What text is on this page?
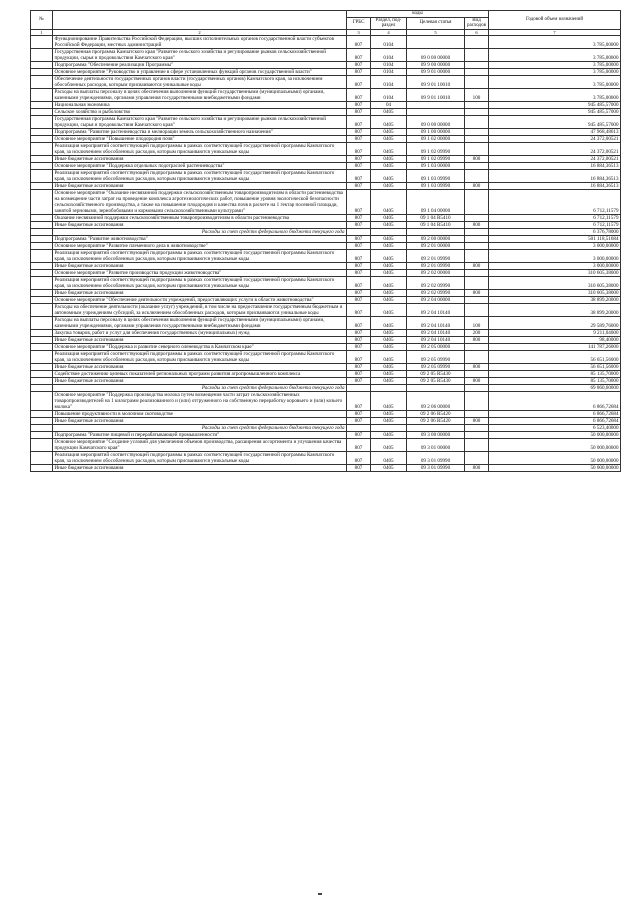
№		коды				Годовой объем назначений
		ГРБС	Раздел, под- раздел	Целевая статья	Вид расходов	
1	2	3	4	5	6	7
	Функционирование Правительства Российской Федерации, высших исполнительных органов государственной власти субъектов Российской Федерации, местных администраций	807	0104			3 785,00000
	Государственная программа Камчатского края "Развитие сельского хозяйства и регулирование рынков сельскохозяйственной продукции, сырья и продовольствия Камчатского края"	807	0104	09 0 00 00000		3 785,00000
	Подпрограмма "Обеспечение реализации Программы"	807	0104	09 9 00 00000		3 785,00000
	Основное мероприятие "Руководство и управление в сфере установленных функций органов государственной власти"	807	0104	09 9 01 00000		3 785,00000
	Обеспечение деятельности государственных органов власти (государственных органов) Камчатского края, за исключением обособленных расходов, которым присваиваются уникальные коды	807	0104	09 9 01 10010		3 785,00000
	Расходы на выплаты персоналу в целях обеспечения выполнения функций государственными (муниципальными) органами, казенными учреждениями, органами управления государственными внебюджетными фондами	807	0104	09 9 01 10010	100	3 785,00000
	Национальная экономика	807	04			945 485,57000
	Сельское хозяйство и рыболовство	807	0405			945 485,57000
	Государственная программа Камчатского края "Развитие сельского хозяйства и регулирование рынков сельскохозяйственной продукции, сырья и продовольствия Камчатского края"	807	0405	09 0 00 00000		945 485,57000
	Подпрограмма "Развитие растениеводства и мелиорации земель сельскохозяйственного назначения"	807	0405	09 1 00 00000		47 968,48613
	Основное мероприятие "Повышение плодородия почв"	807	0405	09 1 02 00000		24 372,00521
	Реализация мероприятий соответствующей подпрограммы в рамках соответствующей государственной программы Камчатского края, за исключением обособленных расходов, которым присваиваются уникальные коды	807	0405	09 1 02 09990		24 372,00521
	Иные бюджетные ассигнования	807	0405	09 1 02 09990	800	24 372,00521
	Основное мероприятие "Поддержка отдельных подотраслей растениеводства"	807	0405	09 1 03 00000		16 884,36513
	Реализация мероприятий соответствующей подпрограммы в рамках соответствующей государственной программы Камчатского края, за исключением обособленных расходов, которым присваиваются уникальные коды	807	0405	09 1 03 09990		16 884,36513
	Иные бюджетные ассигнования	807	0405	09 1 03 09990	800	16 884,36513
	Основное мероприятие "Оказание несвязанной поддержки сельскохозяйственным товаропроизводителям в области растениеводства на возмещение части затрат на проведение комплекса агротехнологических работ, повышение уровня экологической безопасности сельскохозяйственного производства, а также на повышение плодородия и качества почв в расчете на 1 гектар посевной площади, занятой зерновыми, зернобобовыми и кормовыми сельскохозяйственными культурами"	807	0405	09 1 04 00000		6 712,11579
	Оказание несвязанной поддержки сельскохозяйственным товаропроизводителям в области растениеводства	807	0405	09 1 04 R5410		6 712,11579
	Иные бюджетные ассигнования	807	0405	09 1 04 R5410	800	6 712,11579
	Расходы за счет средств федерального бюджета текущего года					6 376,78000
	Подпрограмма "Развитие животноводства"	807	0405	09 2 00 00000		501 118,51684
	Основное мероприятие "Развитие племенного дела в животноводстве"	807	0405	09 2 01 00000		3 000,00000
	Реализация мероприятий соответствующей подпрограммы в рамках соответствующей государственной программы Камчатского края, за исключением обособленных расходов, которым присваиваются уникальные коды	807	0405	09 2 01 09990		3 000,00000
	Иные бюджетные ассигнования	807	0405	09 2 01 09990	800	3 000,00000
	Основное мероприятие "Развитие производства продукции животноводства"	807	0405	09 2 02 00000		310 605,38000
	Реализация мероприятий соответствующей подпрограммы в рамках соответствующей государственной программы Камчатского края, за исключением обособленных расходов, которым присваиваются уникальные коды	807	0405	09 2 02 09990		310 605,38000
	Иные бюджетные ассигнования	807	0405	09 2 02 09990	800	310 605,38000
	Основное мероприятие "Обеспечение деятельности учреждений, предоставляющих услуги в области животноводства"	807	0405	09 2 04 00000		38 899,20000
	Расходы на обеспечение деятельности (оказание услуг) учреждений, в том числе на предоставление государственным бюджетным и автономным учреждениям субсидий, за исключением обособленных расходов, которым присваиваются уникальные коды	807	0405	09 2 04 10140		38 899,20000
	Расходы на выплаты персоналу в целях обеспечения выполнения функций государственными (муниципальными) органами, казенными учреждениями, органами управления государственными внебюджетными фондами	807	0405	09 2 04 10140	100	29 589,76000
	Закупка товаров, работ и услуг для обеспечения государственных (муниципальных) нужд	807	0405	09 2 04 10140	200	9 211,04000
	Иные бюджетные ассигнования	807	0405	09 2 04 10140	800	98,40000
	Основное мероприятие "Поддержка и развитие северного оленеводства в Камчатском крае"	807	0405	09 2 05 00000		141 787,26000
	Реализация мероприятий соответствующей подпрограммы в рамках соответствующей государственной программы Камчатского края, за исключением обособленных расходов, которым присваиваются уникальные коды	807	0405	09 2 05 09990		56 651,56000
	Иные бюджетные ассигнования	807	0405	09 2 05 09990	800	56 651,56000
	Содействие достижению целевых показателей региональных программ развития агропромышленного комплекса	807	0405	09 2 05 R5430		85 135,70000
	Иные бюджетные ассигнования	807	0405	09 2 05 R5430	800	85 135,70000
	Расходы за счет средств федерального бюджета текущего года					69 860,60000
	Основное мероприятие "Поддержка производства молока путем возмещения части затрат сельскохозяйственных товаропроизводителей на 1 килограмм реализованного и (или) отгруженного на собственную переработку коровьего и (или) козьего молока"	807	0405	09 2 06 00000		6 866,72684
	Повышение продуктивности в молочном скотоводстве	807	0405	09 2 06 R5420		6 866,72684
	Иные бюджетные ассигнования	807	0405	09 2 06 R5420	800	6 866,72684
	Расходы за счет средств федерального бюджета текущего года					6 523,40000
	Подпрограмма "Развитие пищевой и перерабатывающей промышленности"	807	0405	09 3 00 00000		50 000,00000
	Основное мероприятие "Создание условий для увеличения объемов производства, расширения ассортимента и улучшения качества продукции Камчатского края"	807	0405	09 3 01 00000		50 000,00000
	Реализация мероприятий соответствующей подпрограммы в рамках соответствующей государственной программы Камчатского края, за исключением обособленных расходов, которым присваиваются уникальные коды	807	0405	09 3 01 09990		50 000,00000
	Иные бюджетные ассигнования	807	0405	09 3 01 09990	800	50 000,00000
